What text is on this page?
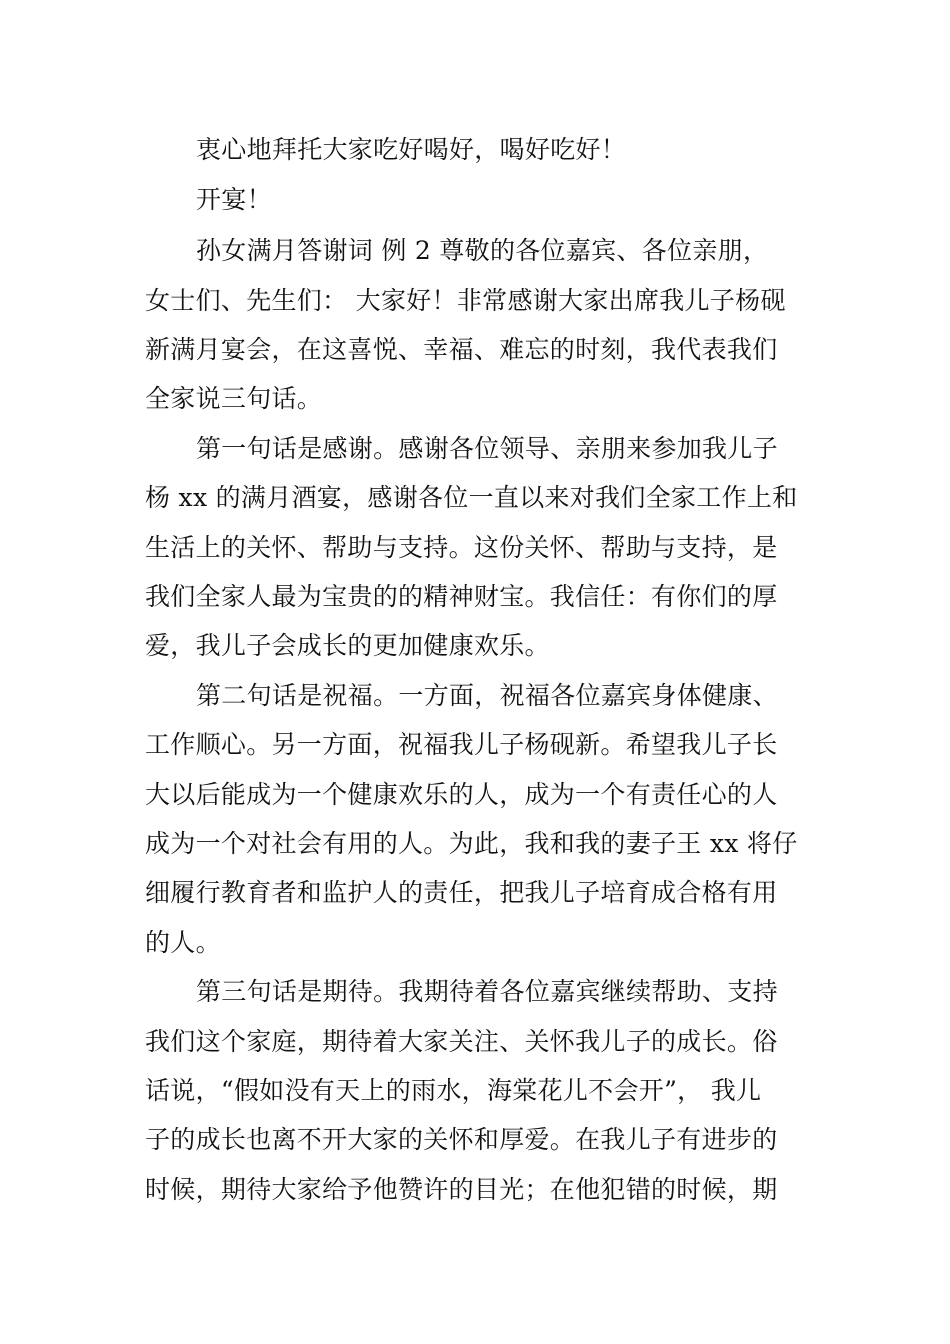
衷心地拜托大家吃好喝好，喝好吃好！
开宴！
孙女满月答谢词 例 2 尊敬的各位嘉宾、各位亲朋，
女士们、先生们： 大家好！非常感谢大家出席我儿子杨砚
新满月宴会，在这喜悦、幸福、难忘的时刻，我代表我们
全家说三句话。
第一句话是感谢。感谢各位领导、亲朋来参加我儿子
杨 xx 的满月酒宴，感谢各位一直以来对我们全家工作上和
生活上的关怀、帮助与支持。这份关怀、帮助与支持，是
我们全家人最为宝贵的的精神财宝。我信任：有你们的厚
爱，我儿子会成长的更加健康欢乐。
第二句话是祝福。一方面，祝福各位嘉宾身体健康、
工作顺心。另一方面，祝福我儿子杨砚新。希望我儿子长
大以后能成为一个健康欢乐的人，成为一个有责任心的人
成为一个对社会有用的人。为此，我和我的妻子王 xx 将仔
细履行教育者和监护人的责任，把我儿子培育成合格有用
的人。
第三句话是期待。我期待着各位嘉宾继续帮助、支持
我们这个家庭，期待着大家关注、关怀我儿子的成长。俗
话说，“假如没有天上的雨水，海棠花儿不会开”， 我儿
子的成长也离不开大家的关怀和厚爱。在我儿子有进步的
时候，期待大家给予他赞许的目光；在他犯错的时候，期
